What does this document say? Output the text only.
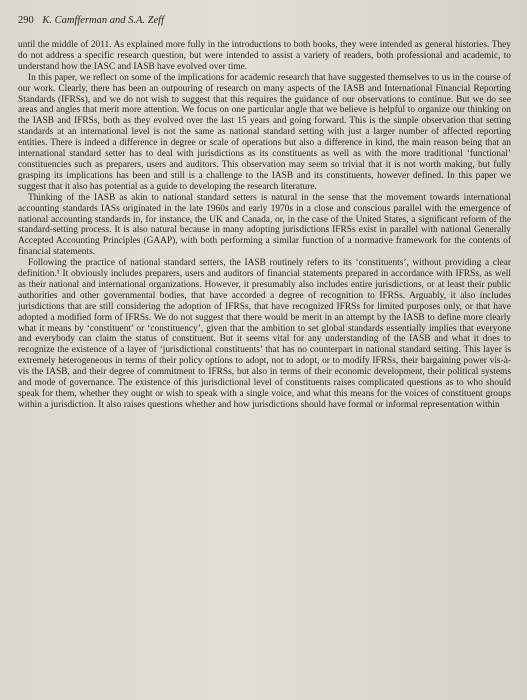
290 K. Camfferman and S.A. Zeff

until the middle of 2011. As explained more fully in the introductions to both books, they were intended as general histories. They do not address a specific research question, but were intended to assist a variety of readers, both professional and academic, to understand how the IASC and IASB have evolved over time.

In this paper, we reflect on some of the implications for academic research that have suggested themselves to us in the course of our work. Clearly, there has been an outpouring of research on many aspects of the IASB and International Financial Reporting Standards (IFRSs), and we do not wish to suggest that this requires the guidance of our observations to continue. But we do see areas and angles that merit more attention. We focus on one particular angle that we believe is helpful to organize our thinking on the IASB and IFRSs, both as they evolved over the last 15 years and going forward. This is the simple observation that setting standards at an international level is not the same as national standard setting with just a larger number of affected reporting entities. There is indeed a difference in degree or scale of operations but also a difference in kind, the main reason being that an international standard setter has to deal with jurisdictions as its constituents as well as with the more traditional ‘functional’ constituencies such as preparers, users and auditors. This observation may seem so trivial that it is not worth making, but fully grasping its implications has been and still is a challenge to the IASB and its constituents, however defined. In this paper we suggest that it also has potential as a guide to developing the research literature.

Thinking of the IASB as akin to national standard setters is natural in the sense that the movement towards international accounting standards IASs originated in the late 1960s and early 1970s in a close and conscious parallel with the emergence of national accounting standards in, for instance, the UK and Canada, or, in the case of the United States, a significant reform of the standard-setting process. It is also natural because in many adopting jurisdictions IFRSs exist in parallel with national Generally Accepted Accounting Principles (GAAP), with both performing a similar function of a normative framework for the contents of financial statements.

Following the practice of national standard setters, the IASB routinely refers to its ‘constituents’, without providing a clear definition.¹ It obviously includes preparers, users and auditors of financial statements prepared in accordance with IFRSs, as well as their national and international organizations. However, it presumably also includes entire jurisdictions, or at least their public authorities and other governmental bodies, that have accorded a degree of recognition to IFRSs. Arguably, it also includes jurisdictions that are still considering the adoption of IFRSs, that have recognized IFRSs for limited purposes only, or that have adopted a modified form of IFRSs. We do not suggest that there would be merit in an attempt by the IASB to define more clearly what it means by ‘constituent’ or ‘constituency’, given that the ambition to set global standards essentially implies that everyone and everybody can claim the status of constituent. But it seems vital for any understanding of the IASB and what it does to recognize the existence of a layer of ‘jurisdictional constituents’ that has no counterpart in national standard setting. This layer is extremely heterogeneous in terms of their policy options to adopt, not to adopt, or to modify IFRSs, their bargaining power vis-à-vis the IASB, and their degree of commitment to IFRSs, but also in terms of their economic development, their political systems and mode of governance. The existence of this jurisdictional level of constituents raises complicated questions as to who should speak for them, whether they ought or wish to speak with a single voice, and what this means for the voices of constituent groups within a jurisdiction. It also raises questions whether and how jurisdictions should have formal or informal representation within
